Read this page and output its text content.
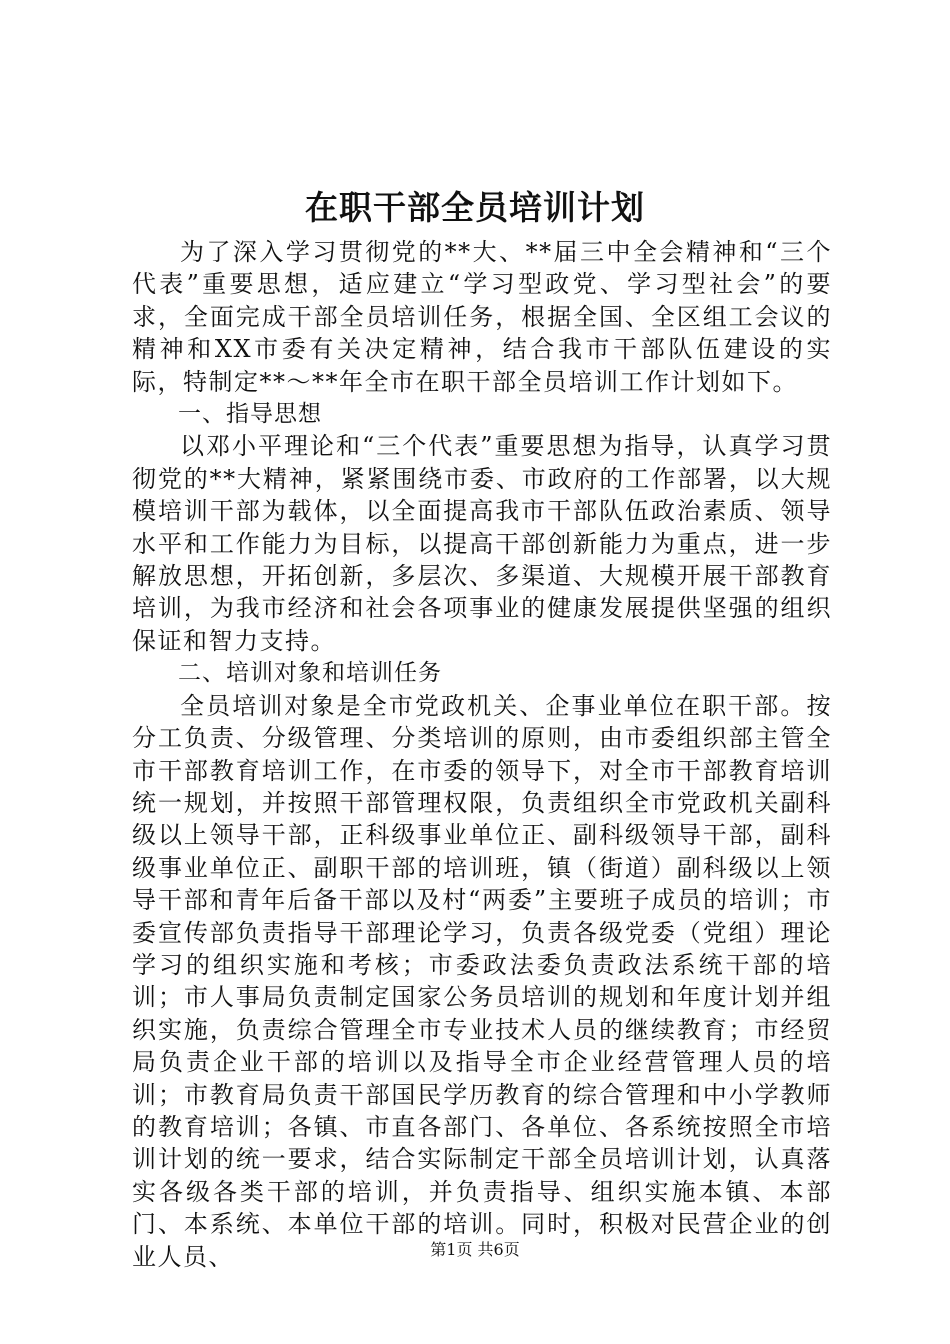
在职干部全员培训计划

为了深入学习贯彻党的**大、**届三中全会精神和“三个代表”重要思想，适应建立“学习型政党、学习型社会”的要求，全面完成干部全员培训任务，根据全国、全区组工会议的精神和XX市委有关决定精神，结合我市干部队伍建设的实际，特制定**～**年全市在职干部全员培训工作计划如下。

一、指导思想

以邓小平理论和“三个代表”重要思想为指导，认真学习贯彻党的**大精神，紧紧围绕市委、市政府的工作部署，以大规模培训干部为载体，以全面提高我市干部队伍政治素质、领导水平和工作能力为目标，以提高干部创新能力为重点，进一步解放思想，开拓创新，多层次、多渠道、大规模开展干部教育培训，为我市经济和社会各项事业的健康发展提供坚强的组织保证和智力支持。

二、培训对象和培训任务

全员培训对象是全市党政机关、企事业单位在职干部。按分工负责、分级管理、分类培训的原则，由市委组织部主管全市干部教育培训工作，在市委的领导下，对全市干部教育培训统一规划，并按照干部管理权限，负责组织全市党政机关副科级以上领导干部，正科级事业单位正、副科级领导干部，副科级事业单位正、副职干部的培训班，镇（街道）副科级以上领导干部和青年后备干部以及村“两委”主要班子成员的培训；市委宣传部负责指导干部理论学习，负责各级党委（党组）理论学习的组织实施和考核；市委政法委负责政法系统干部的培训；市人事局负责制定国家公务员培训的规划和年度计划并组织实施，负责综合管理全市专业技术人员的继续教育；市经贸局负责企业干部的培训以及指导全市企业经营管理人员的培训；市教育局负责干部国民学历教育的综合管理和中小学教师的教育培训；各镇、市直各部门、各单位、各系统按照全市培训计划的统一要求，结合实际制定干部全员培训计划，认真落实各级各类干部的培训，并负责指导、组织实施本镇、本部门、本系统、本单位干部的培训。同时，积极对民营企业的创业人员、	第1页 共6页
